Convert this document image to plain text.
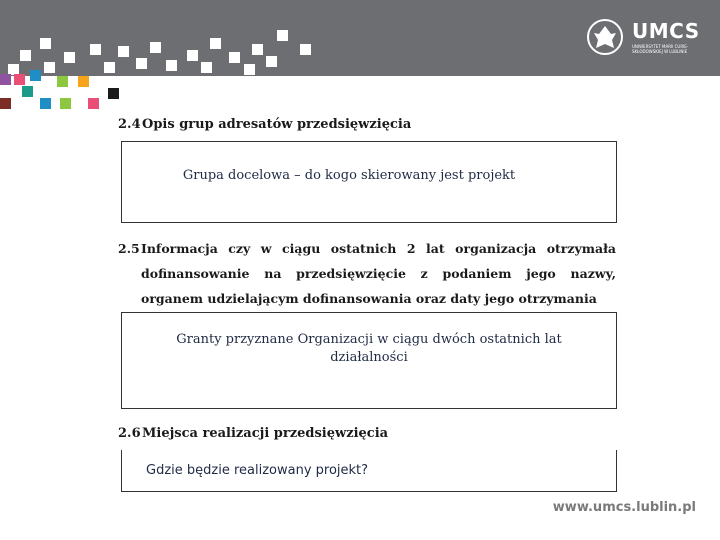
UMCS
UNIWERSYTET MARII CURIE-SKŁODOWSKIEJ W LUBLINIE
2.4Opis grup adresatów przedsięwzięcia
Grupa docelowa – do kogo skierowany jest projekt
2.5 Informacja czy w ciągu ostatnich 2 lat organizacja otrzymała dofinansowanie na przedsięwzięcie z podaniem jego nazwy, organem udzielającym dofinansowania oraz daty jego otrzymania
Granty przyznane Organizacji w ciągu dwóch ostatnich lat działalności
2.6Miejsca realizacji przedsięwzięcia
Gdzie będzie realizowany projekt?
www.umcs.lublin.pl
